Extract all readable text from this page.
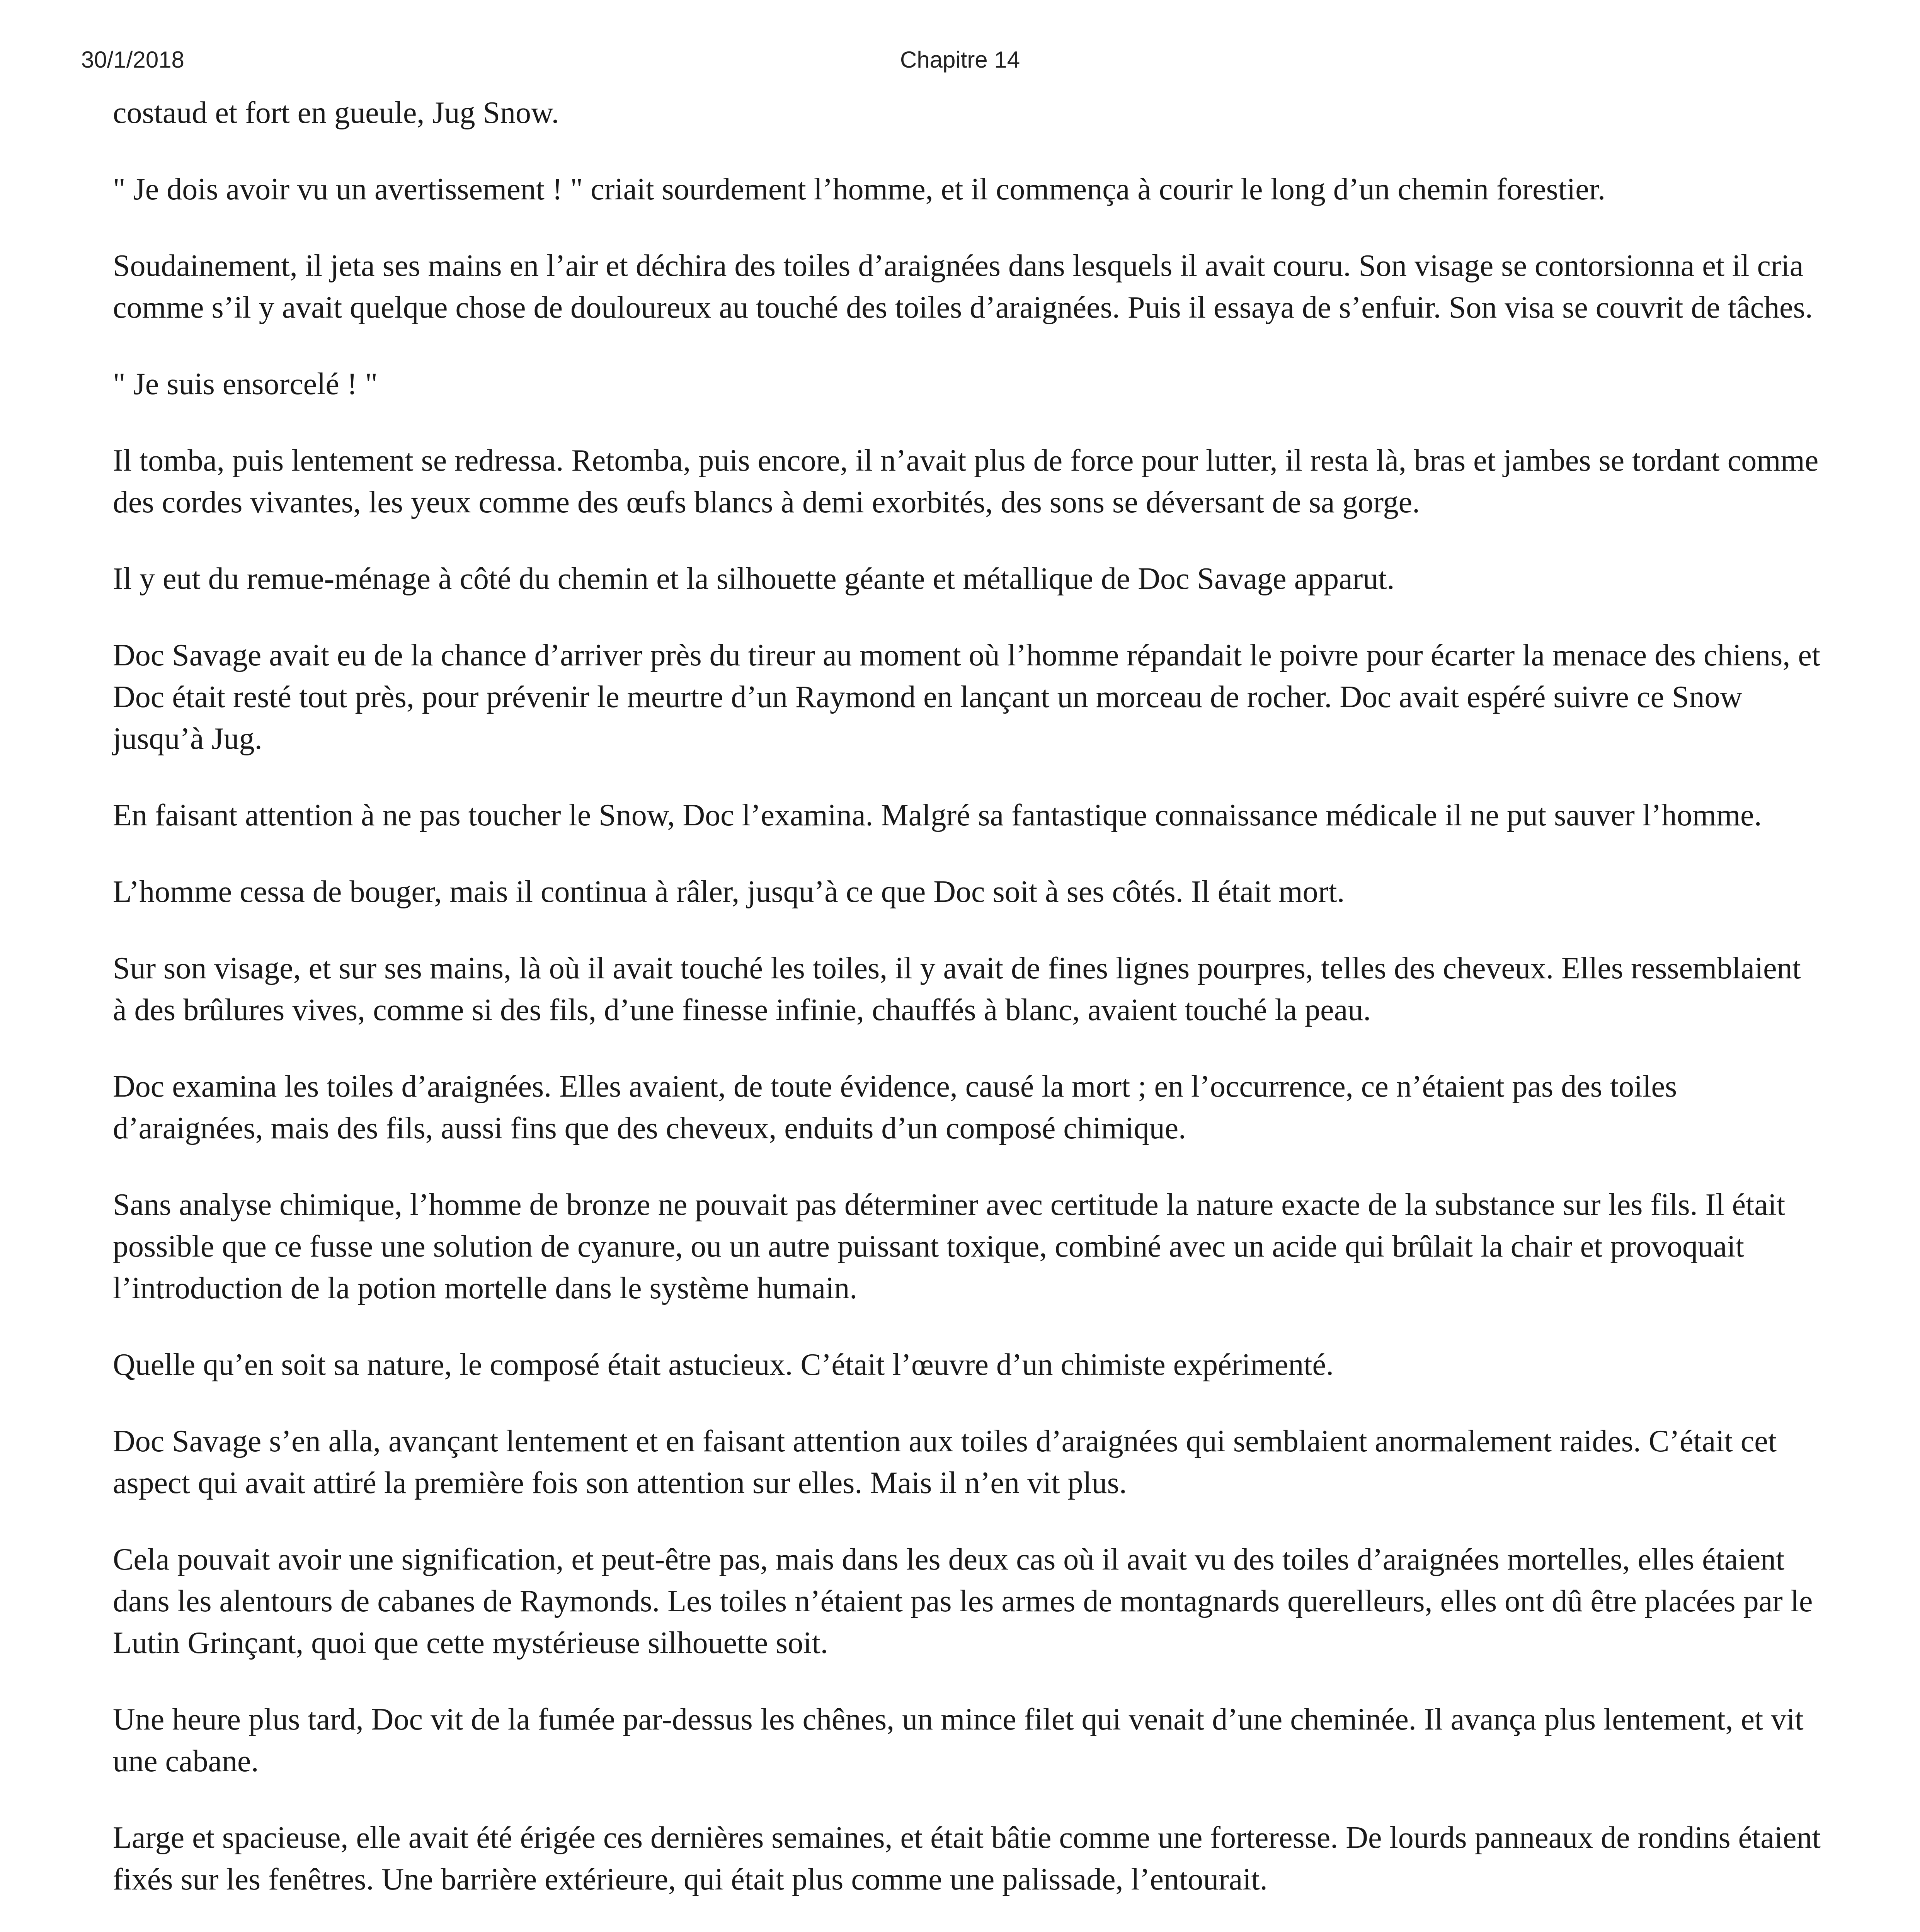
30/1/2018	Chapitre 14

costaud et fort en gueule, Jug Snow.

" Je dois avoir vu un avertissement ! " criait sourdement l’homme, et il commença à courir le long d’un chemin forestier.

Soudainement, il jeta ses mains en l’air et déchira des toiles d’araignées dans lesquels il avait couru. Son visage se contorsionna et il cria comme s’il y avait quelque chose de douloureux au touché des toiles d’araignées. Puis il essaya de s’enfuir. Son visa se couvrit de tâches.

" Je suis ensorcelé ! "

Il tomba, puis lentement se redressa. Retomba, puis encore, il n’avait plus de force pour lutter, il resta là, bras et jambes se tordant comme des cordes vivantes, les yeux comme des œufs blancs à demi exorbités, des sons se déversant de sa gorge.

Il y eut du remue-ménage à côté du chemin et la silhouette géante et métallique de Doc Savage apparut.

Doc Savage avait eu de la chance d’arriver près du tireur au moment où l’homme répandait le poivre pour écarter la menace des chiens, et Doc était resté tout près, pour prévenir le meurtre d’un Raymond en lançant un morceau de rocher. Doc avait espéré suivre ce Snow jusqu’à Jug.

En faisant attention à ne pas toucher le Snow, Doc l’examina. Malgré sa fantastique connaissance médicale il ne put sauver l’homme.

L’homme cessa de bouger, mais il continua à râler, jusqu’à ce que Doc soit à ses côtés. Il était mort.

Sur son visage, et sur ses mains, là où il avait touché les toiles, il y avait de fines lignes pourpres, telles des cheveux. Elles ressemblaient à des brûlures vives, comme si des fils, d’une finesse infinie, chauffés à blanc, avaient touché la peau.

Doc examina les toiles d’araignées. Elles avaient, de toute évidence, causé la mort ; en l’occurrence, ce n’étaient pas des toiles d’araignées, mais des fils, aussi fins que des cheveux, enduits d’un composé chimique.

Sans analyse chimique, l’homme de bronze ne pouvait pas déterminer avec certitude la nature exacte de la substance sur les fils. Il était possible que ce fusse une solution de cyanure, ou un autre puissant toxique, combiné avec un acide qui brûlait la chair et provoquait l’introduction de la potion mortelle dans le système humain.

Quelle qu’en soit sa nature, le composé était astucieux. C’était l’œuvre d’un chimiste expérimenté.

Doc Savage s’en alla, avançant lentement et en faisant attention aux toiles d’araignées qui semblaient anormalement raides. C’était cet aspect qui avait attiré la première fois son attention sur elles. Mais il n’en vit plus.

Cela pouvait avoir une signification, et peut-être pas, mais dans les deux cas où il avait vu des toiles d’araignées mortelles, elles étaient dans les alentours de cabanes de Raymonds. Les toiles n’étaient pas les armes de montagnards querelleurs, elles ont dû être placées par le Lutin Grinçant, quoi que cette mystérieuse silhouette soit.

Une heure plus tard, Doc vit de la fumée par-dessus les chênes, un mince filet qui venait d’une cheminée. Il avança plus lentement, et vit une cabane.

Large et spacieuse, elle avait été érigée ces dernières semaines, et était bâtie comme une forteresse. De lourds panneaux de rondins étaient fixés sur les fenêtres. Une barrière extérieure, qui était plus comme une palissade, l’entourait.
